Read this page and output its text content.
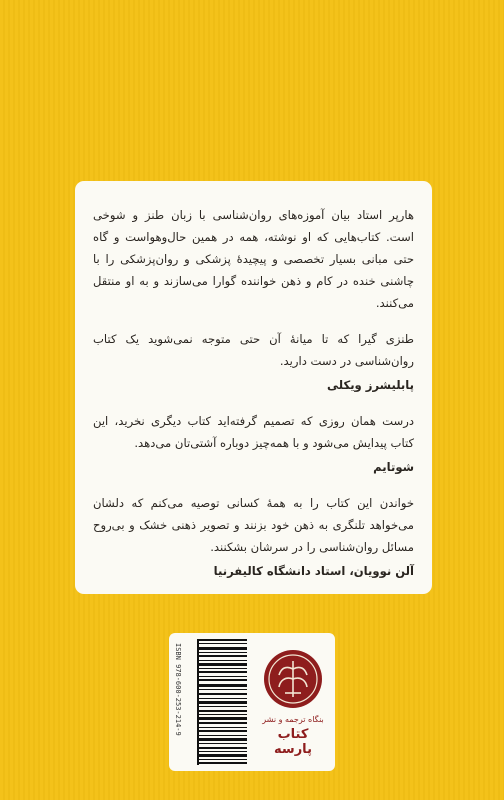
هارپر استاد بیان آموزه‌های روان‌شناسی با زبان طنز و شوخی است. کتاب‌هایی که او نوشته، همه در همین حال‌و‌هواست و گاه حتی مبانی بسیار تخصصی و پیچیدهٔ پزشکی و روان‌پزشکی را با چاشنی خنده در کام و ذهن خواننده گوارا می‌سازند و به او منتقل می‌کنند.

طنزی گیرا که تا میانهٔ آن حتی متوجه نمی‌شوید یک کتاب روان‌شناسی در دست دارید.

پابلیشرز ویکلی

درست همان روزی که تصمیم گرفته‌اید کتاب دیگری نخرید، این کتاب پیدایش می‌شود و با همه‌چیز دوباره آشتی‌تان می‌دهد.

شوتایم

خواندن این کتاب را به همهٔ کسانی توصیه می‌کنم که دلشان می‌خواهد تلنگری به ذهن خود بزنند و تصویر ذهنی خشک و بی‌روح مسائل روان‌شناسی را در سرشان بشکنند.

آلن نوویان، استاد دانشگاه کالیفرنیا

ISBN 978-600-253-214-9	بنگاه ترجمه و نشر
کتاب پارسه
